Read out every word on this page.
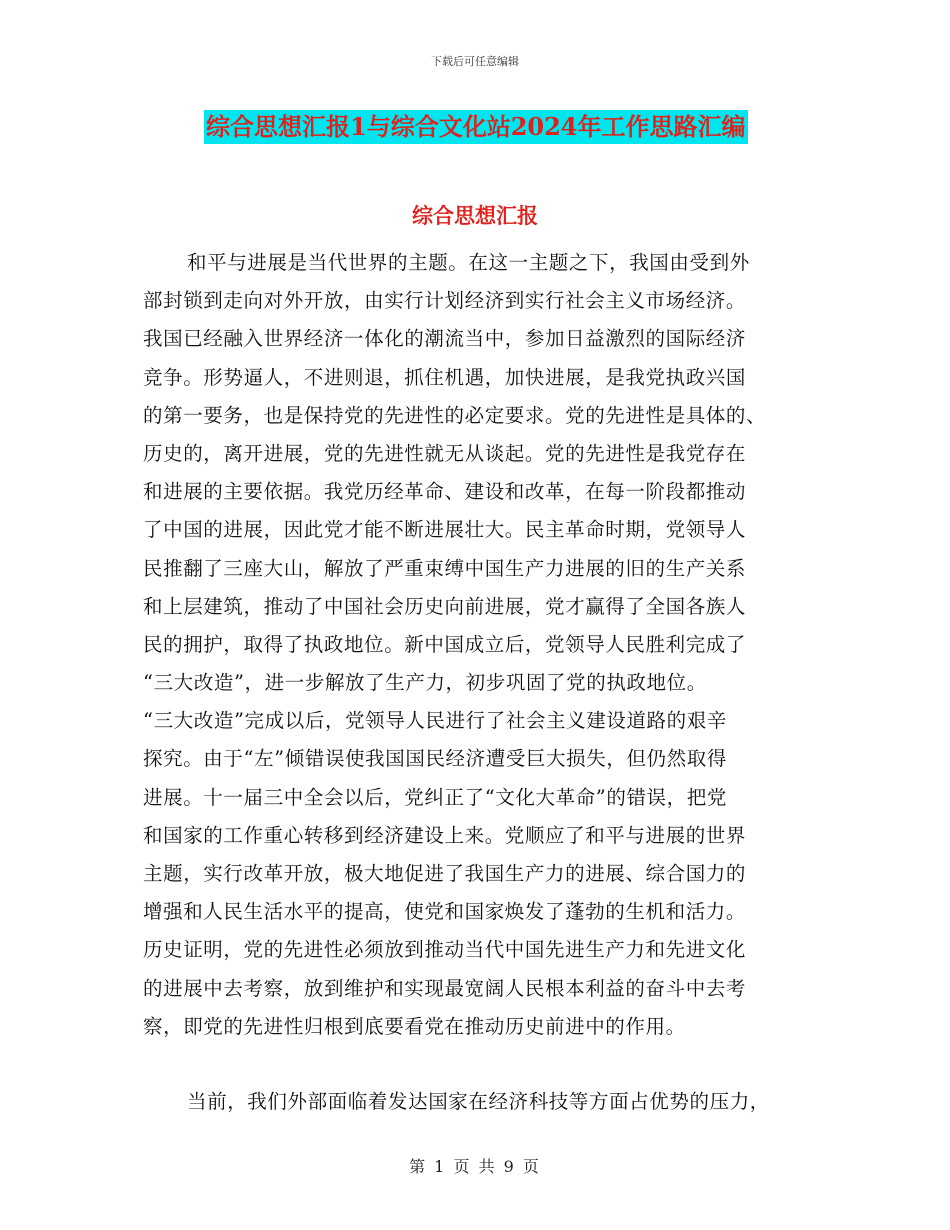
下载后可任意编辑
综合思想汇报1与综合文化站2024年工作思路汇编
综合思想汇报
和平与进展是当代世界的主题。在这一主题之下，我国由受到外
部封锁到走向对外开放，由实行计划经济到实行社会主义市场经济。
我国已经融入世界经济一体化的潮流当中，参加日益激烈的国际经济
竞争。形势逼人，不进则退，抓住机遇，加快进展，是我党执政兴国
的第一要务，也是保持党的先进性的必定要求。党的先进性是具体的、
历史的，离开进展，党的先进性就无从谈起。党的先进性是我党存在
和进展的主要依据。我党历经革命、建设和改革，在每一阶段都推动
了中国的进展，因此党才能不断进展壮大。民主革命时期，党领导人
民推翻了三座大山，解放了严重束缚中国生产力进展的旧的生产关系
和上层建筑，推动了中国社会历史向前进展，党才赢得了全国各族人
民的拥护，取得了执政地位。新中国成立后，党领导人民胜利完成了
“三大改造”，进一步解放了生产力，初步巩固了党的执政地位。
“三大改造”完成以后，党领导人民进行了社会主义建设道路的艰辛
探究。由于“左”倾错误使我国国民经济遭受巨大损失，但仍然取得
进展。十一届三中全会以后，党纠正了“文化大革命”的错误，把党
和国家的工作重心转移到经济建设上来。党顺应了和平与进展的世界
主题，实行改革开放，极大地促进了我国生产力的进展、综合国力的
增强和人民生活水平的提高，使党和国家焕发了蓬勃的生机和活力。
历史证明，党的先进性必须放到推动当代中国先进生产力和先进文化
的进展中去考察，放到维护和实现最宽阔人民根本利益的奋斗中去考
察，即党的先进性归根到底要看党在推动历史前进中的作用。
当前，我们外部面临着发达国家在经济科技等方面占优势的压力，
第 1 页 共 9 页
